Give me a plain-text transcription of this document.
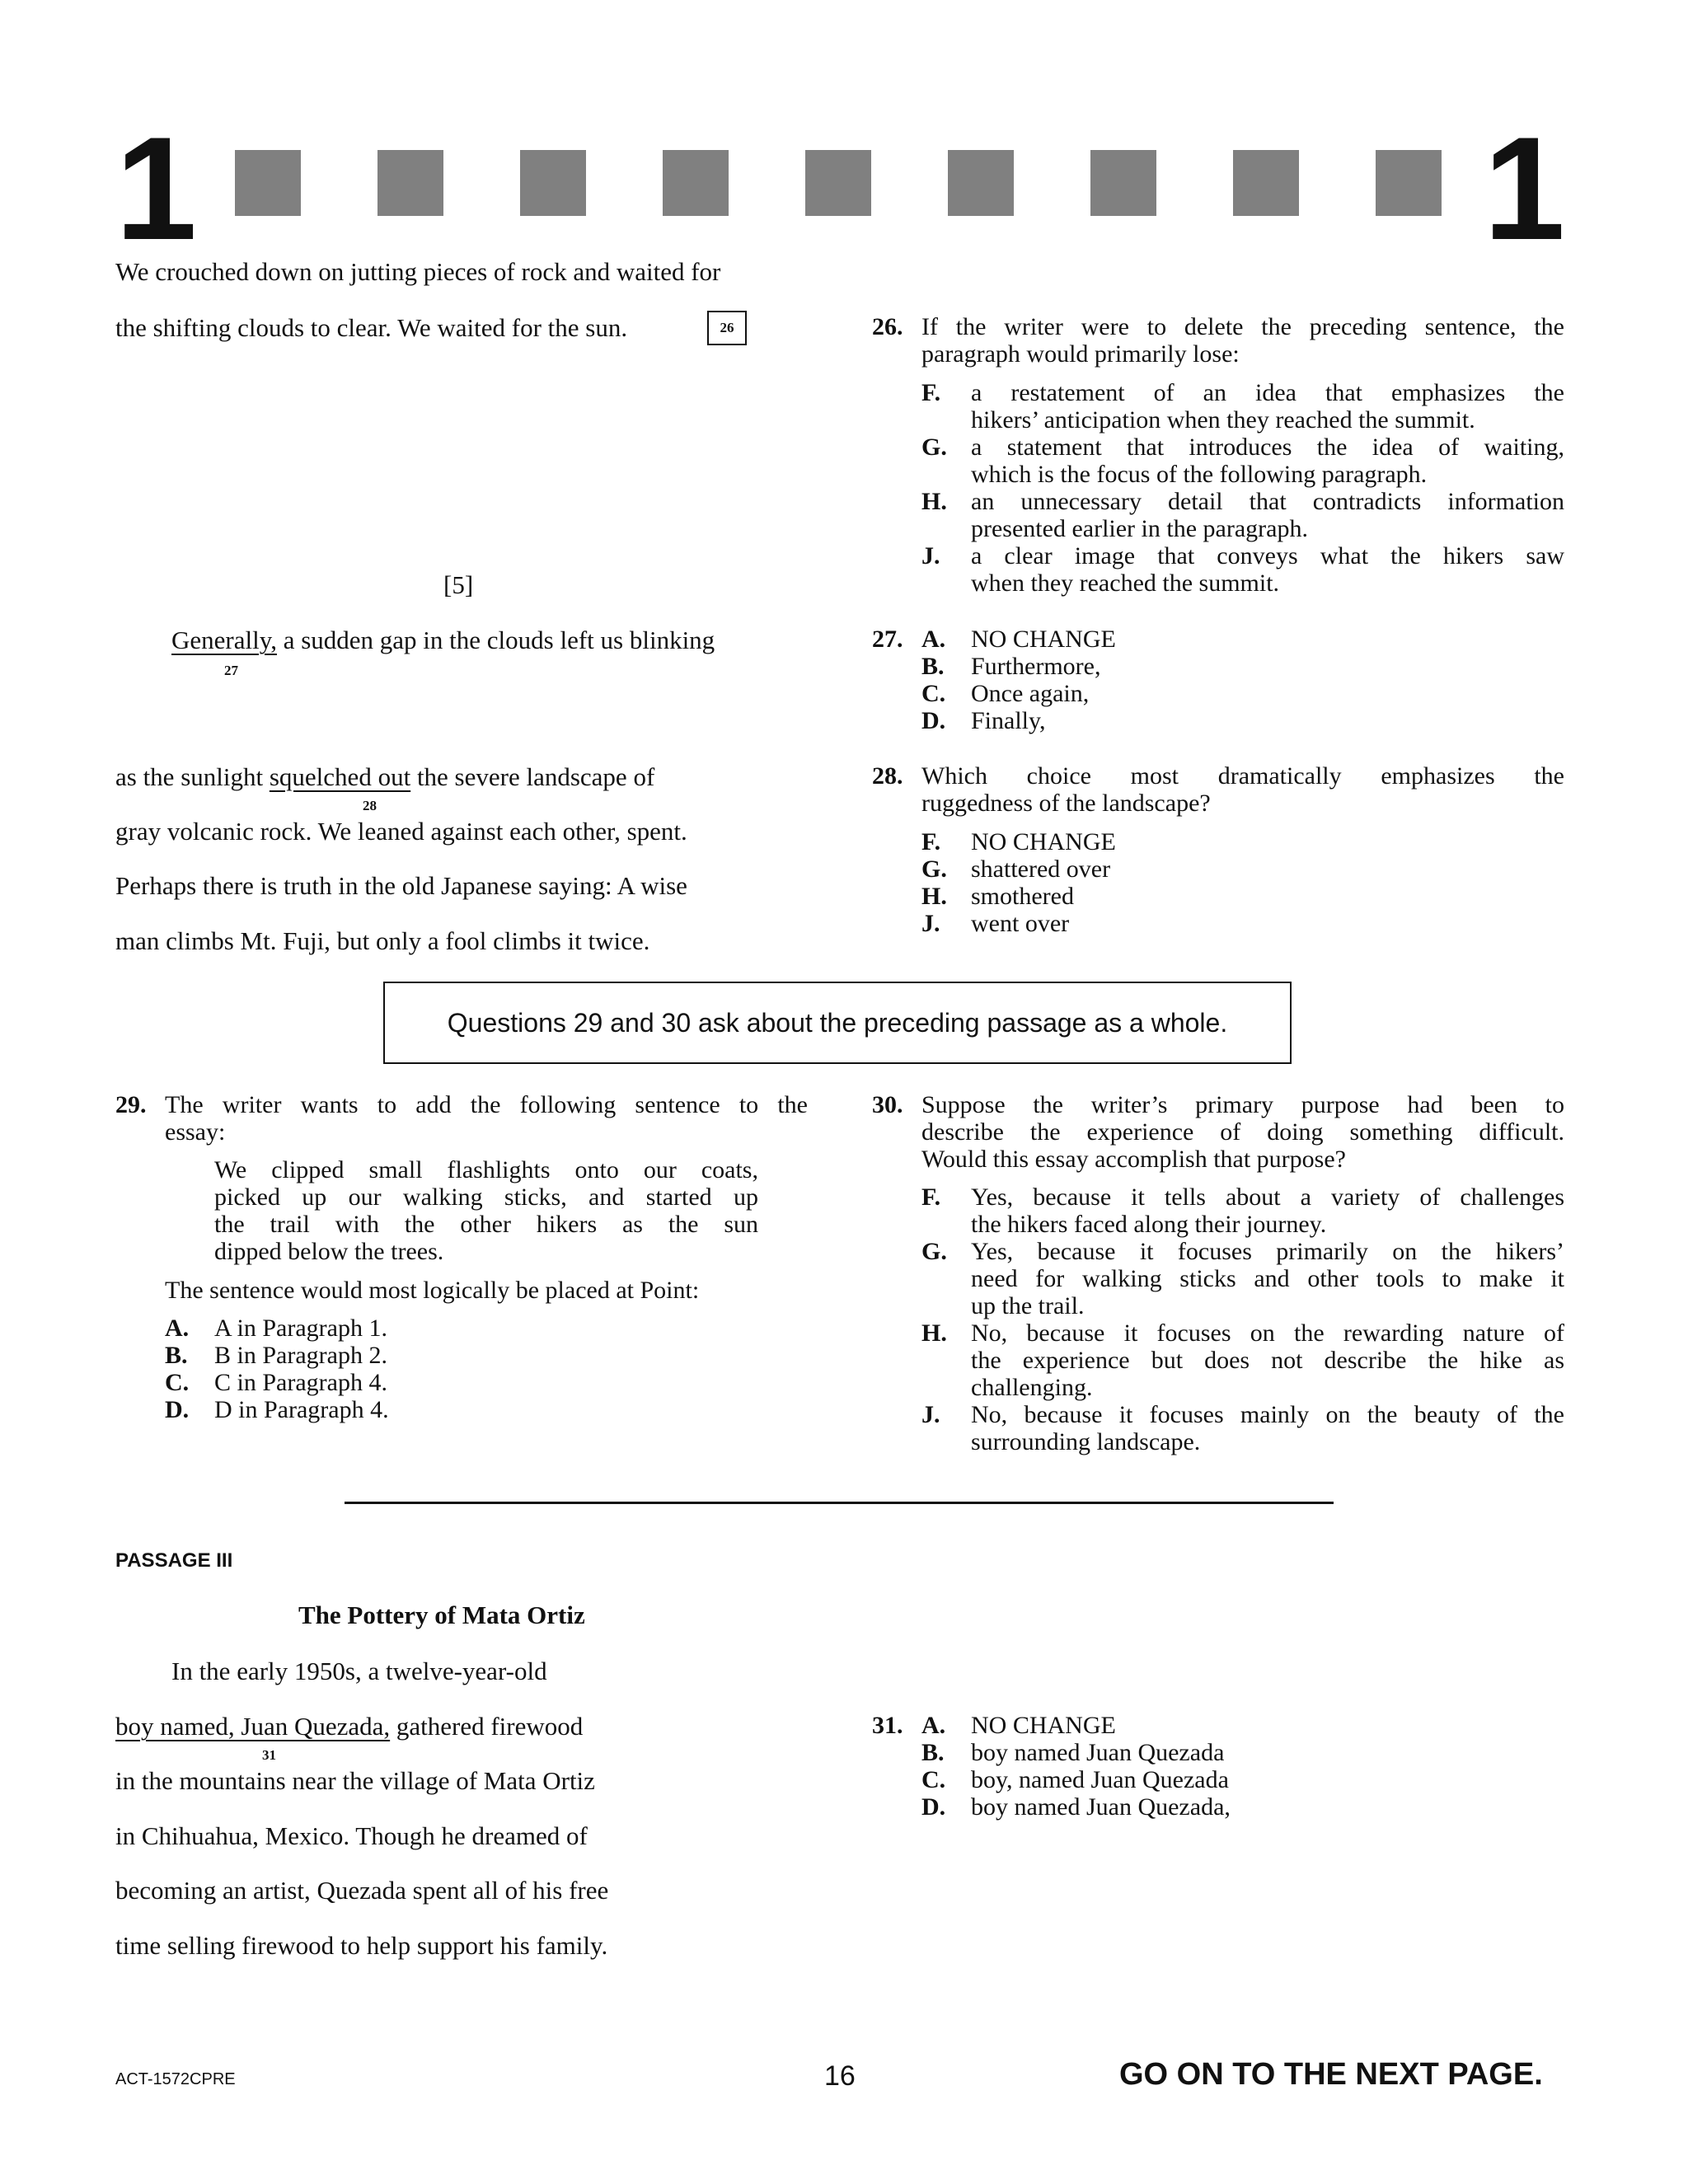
1	1
We crouched down on jutting pieces of rock and waited for
the shifting clouds to clear. We waited for the sun.	26
[5]
Generally, a sudden gap in the clouds left us blinking
27
as the sunlight squelched out the severe landscape of
28
gray volcanic rock. We leaned against each other, spent.
Perhaps there is truth in the old Japanese saying: A wise
man climbs Mt. Fuji, but only a fool climbs it twice.
26. If the writer were to delete the preceding sentence, the
paragraph would primarily lose:
F. a restatement of an idea that emphasizes the
hikers’ anticipation when they reached the summit.
G. a statement that introduces the idea of waiting,
which is the focus of the following paragraph.
H. an unnecessary detail that contradicts information
presented earlier in the paragraph.
J. a clear image that conveys what the hikers saw
when they reached the summit.
27. A. NO CHANGE
B. Furthermore,
C. Once again,
D. Finally,
28. Which choice most dramatically emphasizes the
ruggedness of the landscape?
F. NO CHANGE
G. shattered over
H. smothered
J. went over
Questions 29 and 30 ask about the preceding passage as a whole.
29. The writer wants to add the following sentence to the
essay:
We clipped small flashlights onto our coats,
picked up our walking sticks, and started up
the trail with the other hikers as the sun
dipped below the trees.
The sentence would most logically be placed at Point:
A. A in Paragraph 1.
B. B in Paragraph 2.
C. C in Paragraph 4.
D. D in Paragraph 4.
30. Suppose the writer’s primary purpose had been to
describe the experience of doing something difficult.
Would this essay accomplish that purpose?
F. Yes, because it tells about a variety of challenges
the hikers faced along their journey.
G. Yes, because it focuses primarily on the hikers’
need for walking sticks and other tools to make it
up the trail.
H. No, because it focuses on the rewarding nature of
the experience but does not describe the hike as
challenging.
J. No, because it focuses mainly on the beauty of the
surrounding landscape.
PASSAGE III
The Pottery of Mata Ortiz
In the early 1950s, a twelve-year-old
boy named, Juan Quezada, gathered firewood
31
in the mountains near the village of Mata Ortiz
in Chihuahua, Mexico. Though he dreamed of
becoming an artist, Quezada spent all of his free
time selling firewood to help support his family.
31. A. NO CHANGE
B. boy named Juan Quezada
C. boy, named Juan Quezada
D. boy named Juan Quezada,
ACT-1572CPRE	16	GO ON TO THE NEXT PAGE.
